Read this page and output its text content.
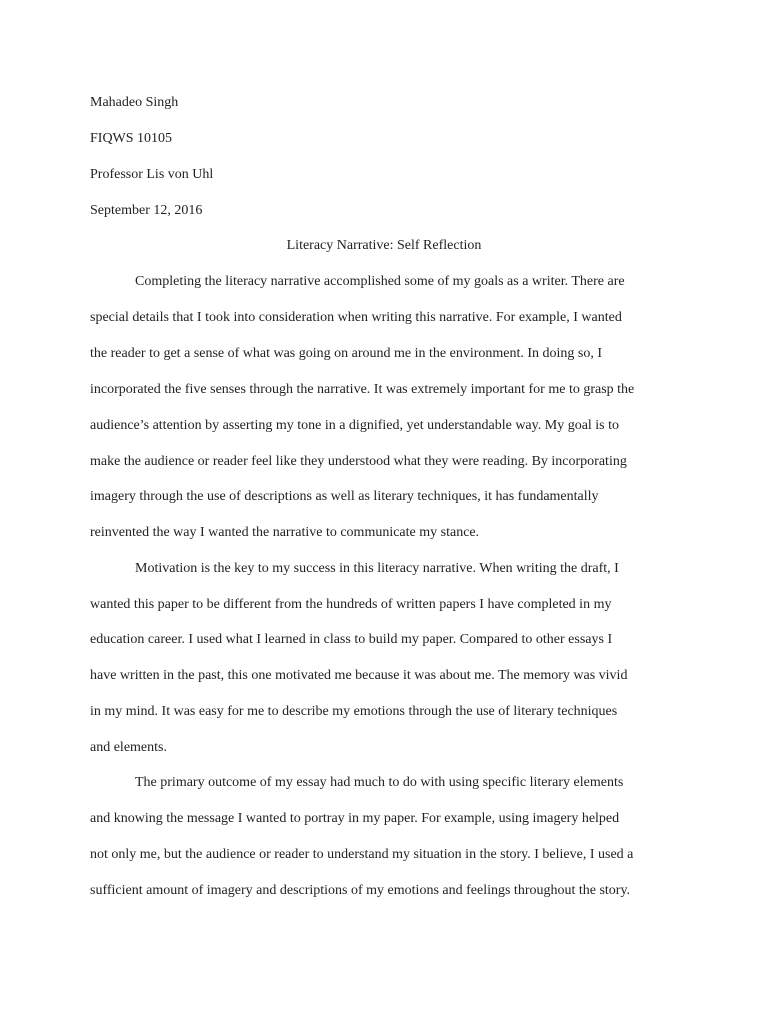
Mahadeo Singh
FIQWS 10105
Professor Lis von Uhl
September 12, 2016
Literacy Narrative: Self Reflection
Completing the literacy narrative accomplished some of my goals as a writer. There are
special details that I took into consideration when writing this narrative. For example, I wanted
the reader to get a sense of what was going on around me in the environment. In doing so, I
incorporated the five senses through the narrative. It was extremely important for me to grasp the
audience’s attention by asserting my tone in a dignified, yet understandable way. My goal is to
make the audience or reader feel like they understood what they were reading. By incorporating
imagery through the use of descriptions as well as literary techniques, it has fundamentally
reinvented the way I wanted the narrative to communicate my stance.
Motivation is the key to my success in this literacy narrative. When writing the draft, I
wanted this paper to be different from the hundreds of written papers I have completed in my
education career. I used what I learned in class to build my paper. Compared to other essays I
have written in the past, this one motivated me because it was about me. The memory was vivid
in my mind. It was easy for me to describe my emotions through the use of literary techniques
and elements.
The primary outcome of my essay had much to do with using specific literary elements
and knowing the message I wanted to portray in my paper. For example, using imagery helped
not only me, but the audience or reader to understand my situation in the story. I believe, I used a
sufficient amount of imagery and descriptions of my emotions and feelings throughout the story.
